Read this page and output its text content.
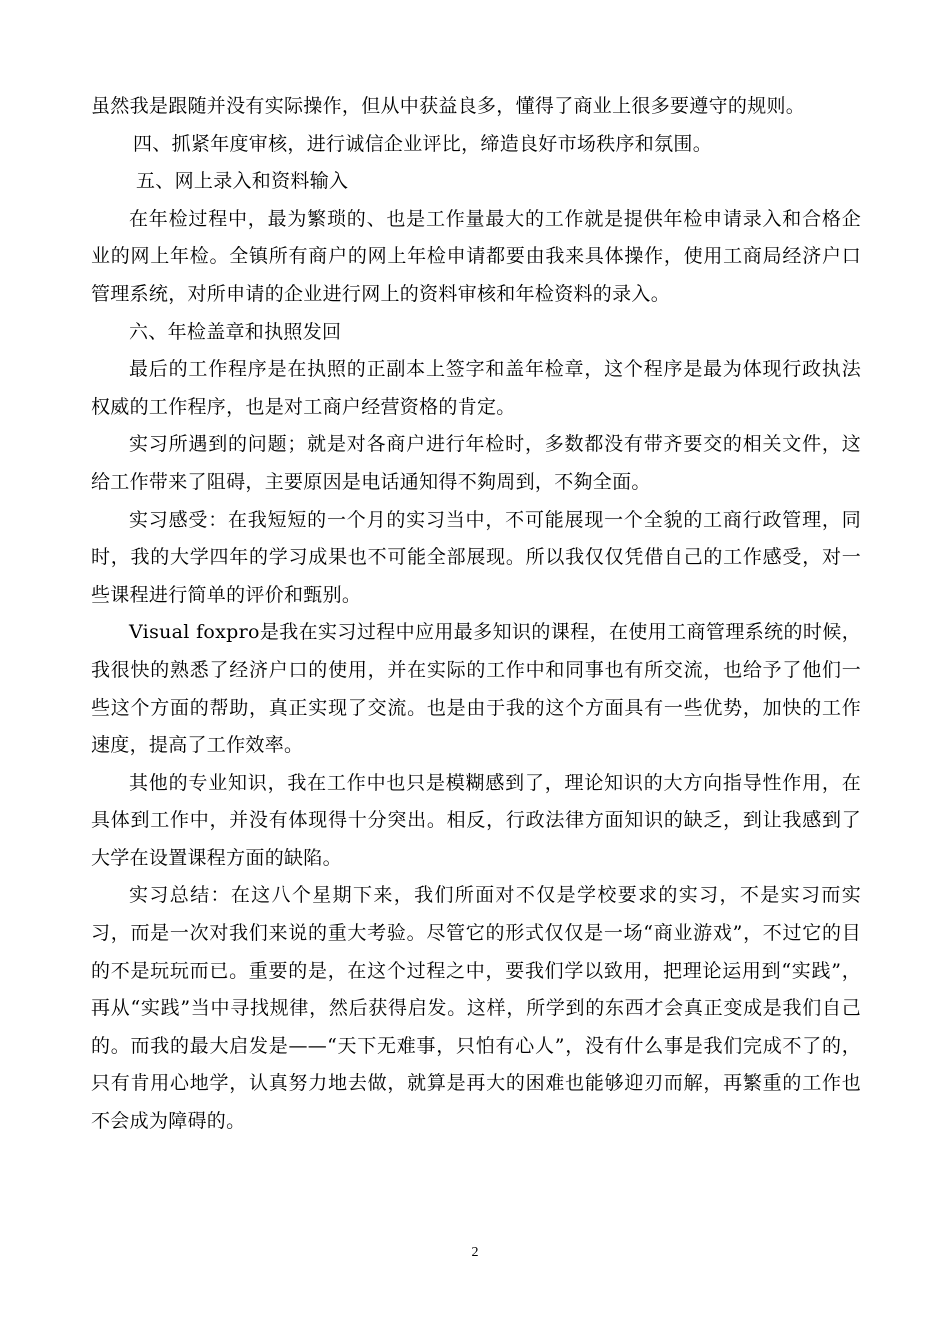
虽然我是跟随并没有实际操作，但从中获益良多，懂得了商业上很多要遵守的规则。

四、抓紧年度审核，进行诚信企业评比，缔造良好市场秩序和氛围。

五、网上录入和资料输入

在年检过程中，最为繁琐的、也是工作量最大的工作就是提供年检申请录入和合格企业的网上年检。全镇所有商户的网上年检申请都要由我来具体操作，使用工商局经济户口管理系统，对所申请的企业进行网上的资料审核和年检资料的录入。

六、年检盖章和执照发回

最后的工作程序是在执照的正副本上签字和盖年检章，这个程序是最为体现行政执法权威的工作程序，也是对工商户经营资格的肯定。

实习所遇到的问题；就是对各商户进行年检时，多数都没有带齐要交的相关文件，这给工作带来了阻碍，主要原因是电话通知得不夠周到，不夠全面。

实习感受：在我短短的一个月的实习当中，不可能展现一个全貌的工商行政管理，同时，我的大学四年的学习成果也不可能全部展现。所以我仅仅凭借自己的工作感受，对一些课程进行简单的评价和甄别。

Visual foxpro是我在实习过程中应用最多知识的课程，在使用工商管理系统的时候，我很快的熟悉了经济户口的使用，并在实际的工作中和同事也有所交流，也给予了他们一些这个方面的帮助，真正实现了交流。也是由于我的这个方面具有一些优势，加快的工作速度，提高了工作效率。

其他的专业知识，我在工作中也只是模糊感到了，理论知识的大方向指导性作用，在具体到工作中，并没有体现得十分突出。相反，行政法律方面知识的缺乏，到让我感到了大学在设置课程方面的缺陷。

实习总结：在这八个星期下来，我们所面对不仅是学校要求的实习，不是实习而实习，而是一次对我们来说的重大考验。尽管它的形式仅仅是一场“商业游戏”，不过它的目的不是玩玩而已。重要的是，在这个过程之中，要我们学以致用，把理论运用到“实践”，再从“实践”当中寻找规律，然后获得启发。这样，所学到的东西才会真正变成是我们自己的。而我的最大启发是——“天下无难事，只怕有心人”，没有什么事是我们完成不了的，只有肯用心地学，认真努力地去做，就算是再大的困难也能够迎刃而解，再繁重的工作也不会成为障碍的。

2
